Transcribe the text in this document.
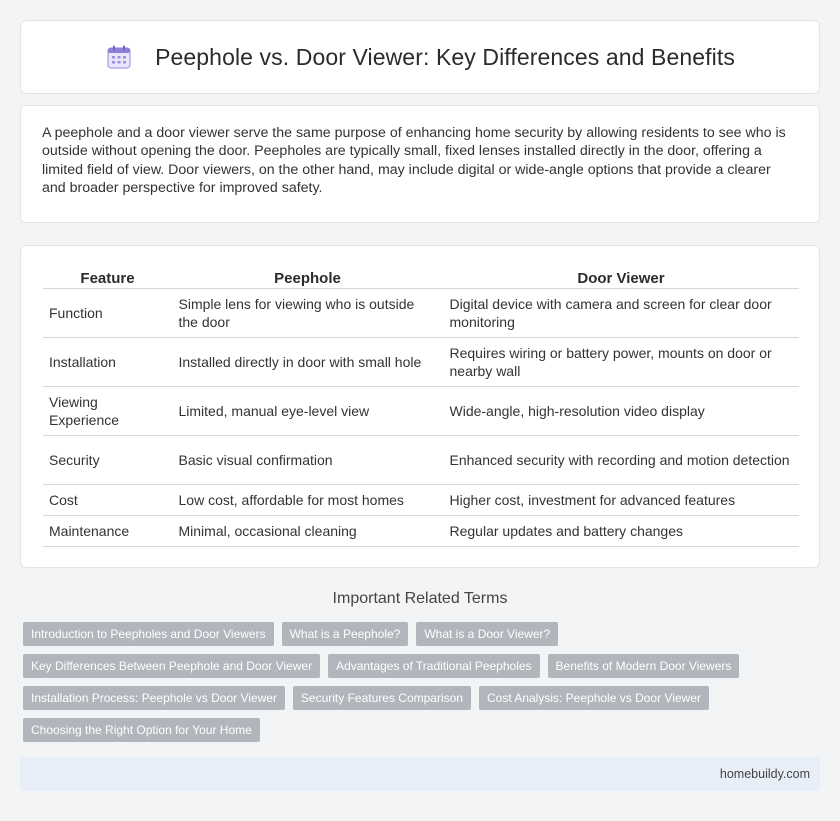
Peephole vs. Door Viewer: Key Differences and Benefits

A peephole and a door viewer serve the same purpose of enhancing home security by allowing residents to see who is outside without opening the door. Peepholes are typically small, fixed lenses installed directly in the door, offering a limited field of view. Door viewers, on the other hand, may include digital or wide-angle options that provide a clearer and broader perspective for improved safety.

Feature	Peephole	Door Viewer
Function	Simple lens for viewing who is outside the door	Digital device with camera and screen for clear door monitoring
Installation	Installed directly in door with small hole	Requires wiring or battery power, mounts on door or nearby wall
Viewing Experience	Limited, manual eye-level view	Wide-angle, high-resolution video display
Security	Basic visual confirmation	Enhanced security with recording and motion detection
Cost	Low cost, affordable for most homes	Higher cost, investment for advanced features
Maintenance	Minimal, occasional cleaning	Regular updates and battery changes
Important Related Terms
Introduction to Peepholes and Door Viewers	What is a Peephole?	What is a Door Viewer?
Key Differences Between Peephole and Door Viewer	Advantages of Traditional Peepholes	Benefits of Modern Door Viewers
Installation Process: Peephole vs Door Viewer	Security Features Comparison	Cost Analysis: Peephole vs Door Viewer
Choosing the Right Option for Your Home
homebuildy.com
